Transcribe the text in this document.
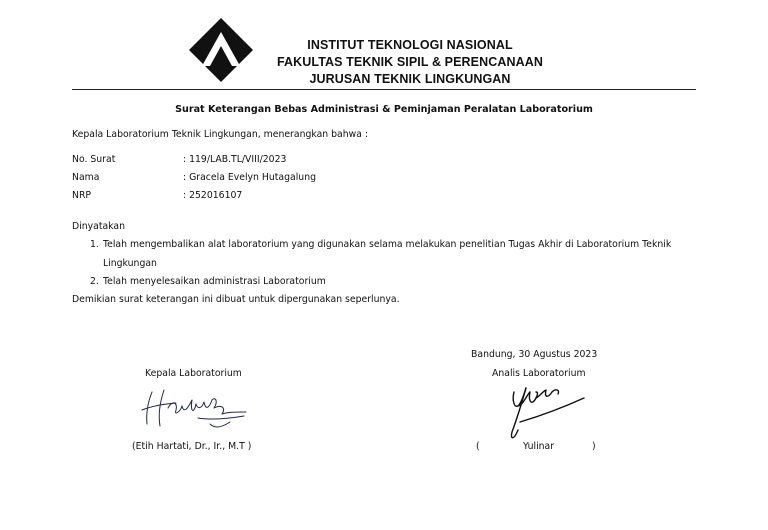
INSTITUT TEKNOLOGI NASIONAL
FAKULTAS TEKNIK SIPIL & PERENCANAAN
JURUSAN TEKNIK LINGKUNGAN
Surat Keterangan Bebas Administrasi & Peminjaman Peralatan Laboratorium
Kepala Laboratorium Teknik Lingkungan, menerangkan bahwa :
No. Surat	: 119/LAB.TL/VIII/2023
Nama	: Gracela Evelyn Hutagalung
NRP	: 252016107
Dinyatakan
1. Telah mengembalikan alat laboratorium yang digunakan selama melakukan penelitian Tugas Akhir di Laboratorium Teknik
Lingkungan
2. Telah menyelesaikan administrasi Laboratorium
Demikian surat keterangan ini dibuat untuk dipergunakan seperlunya.
Bandung, 30 Agustus 2023
Kepala Laboratorium	Analis Laboratorium
(Etih Hartati, Dr., Ir., M.T )	(	Yulinar	)
